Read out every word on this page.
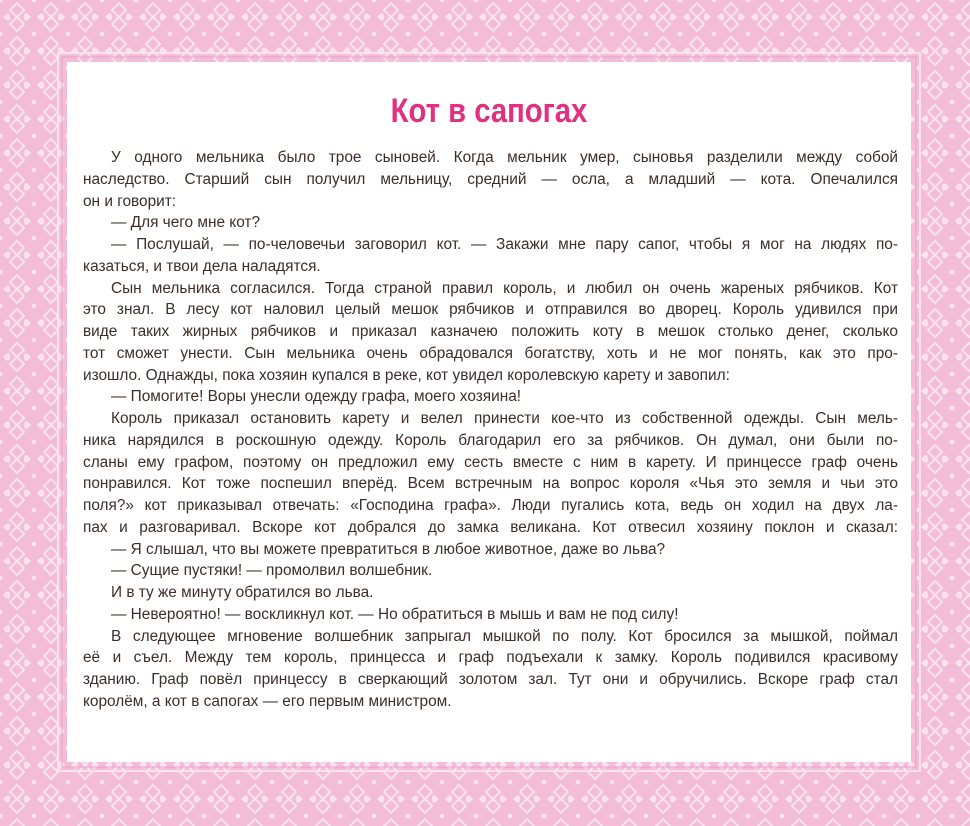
Кот в сапогах
У одного мельника было трое сыновей. Когда мельник умер, сыновья разделили между собой
наследство. Старший сын получил мельницу, средний — осла, а младший — кота. Опечалился
он и говорит:
— Для чего мне кот?
— Послушай, — по-человечьи заговорил кот. — Закажи мне пару сапог, чтобы я мог на людях по-
казаться, и твои дела наладятся.
Сын мельника согласился. Тогда страной правил король, и любил он очень жареных рябчиков. Кот
это знал. В лесу кот наловил целый мешок рябчиков и отправился во дворец. Король удивился при
виде таких жирных рябчиков и приказал казначею положить коту в мешок столько денег, сколько
тот сможет унести. Сын мельника очень обрадовался богатству, хоть и не мог понять, как это про-
изошло. Однажды, пока хозяин купался в реке, кот увидел королевскую карету и завопил:
— Помогите! Воры унесли одежду графа, моего хозяина!
Король приказал остановить карету и велел принести кое-что из собственной одежды. Сын мель-
ника нарядился в роскошную одежду. Король благодарил его за рябчиков. Он думал, они были по-
сланы ему графом, поэтому он предложил ему сесть вместе с ним в карету. И принцессе граф очень
понравился. Кот тоже поспешил вперёд. Всем встречным на вопрос короля «Чья это земля и чьи это
поля?» кот приказывал отвечать: «Господина графа». Люди пугались кота, ведь он ходил на двух ла-
пах и разговаривал. Вскоре кот добрался до замка великана. Кот отвесил хозяину поклон и сказал:
— Я слышал, что вы можете превратиться в любое животное, даже во льва?
— Сущие пустяки! — промолвил волшебник.
И в ту же минуту обратился во льва.
— Невероятно! — воскликнул кот. — Но обратиться в мышь и вам не под силу!
В следующее мгновение волшебник запрыгал мышкой по полу. Кот бросился за мышкой, поймал
её и съел. Между тем король, принцесса и граф подъехали к замку. Король подивился красивому
зданию. Граф повёл принцессу в сверкающий золотом зал. Тут они и обручились. Вскоре граф стал
королём, а кот в сапогах — его первым министром.
